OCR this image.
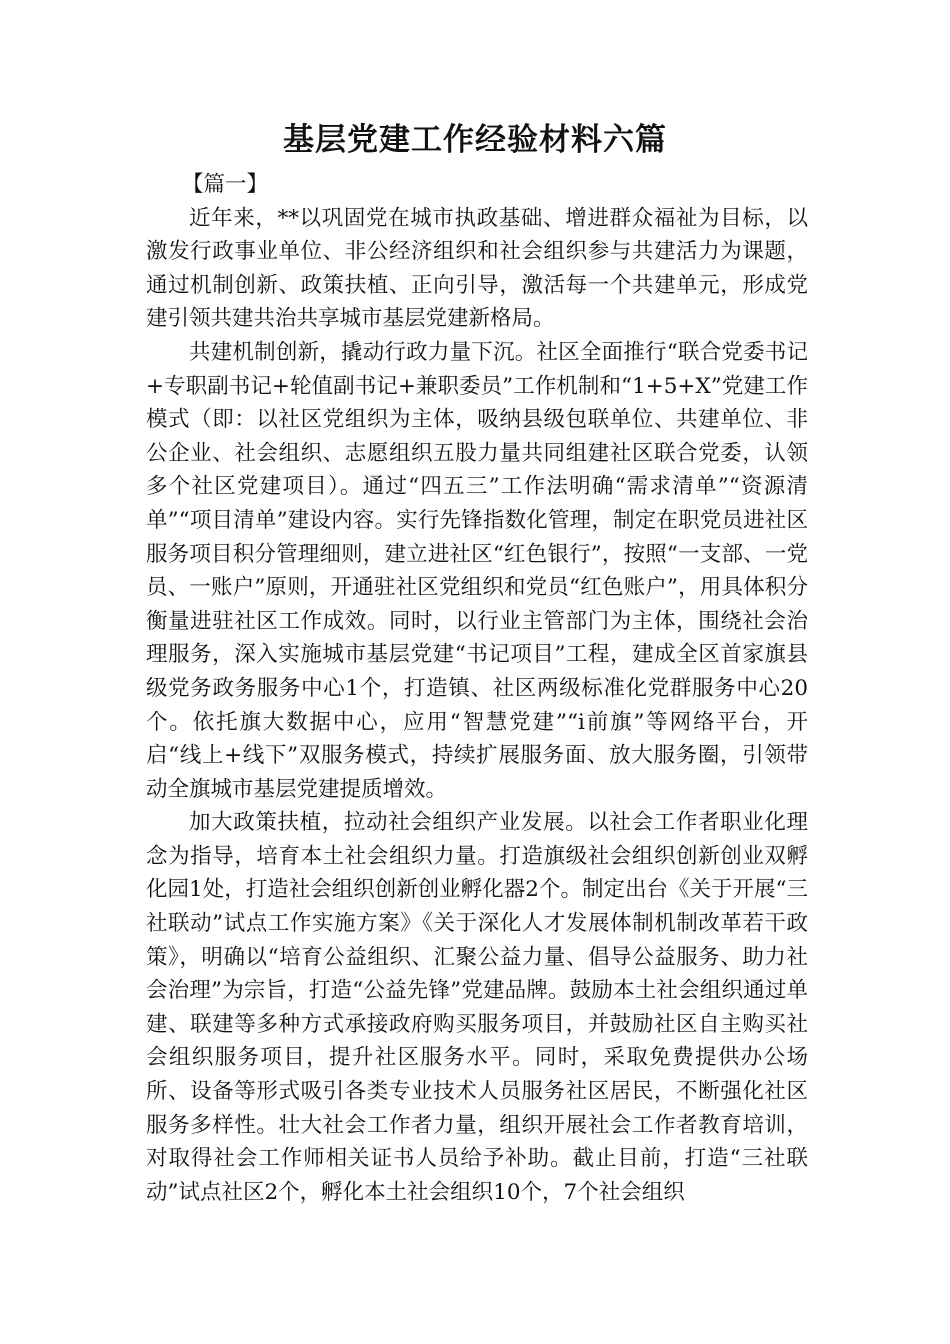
基层党建工作经验材料六篇

【篇一】

近年来，**以巩固党在城市执政基础、增进群众福祉为目标，以激发行政事业单位、非公经济组织和社会组织参与共建活力为课题，通过机制创新、政策扶植、正向引导，激活每一个共建单元，形成党建引领共建共治共享城市基层党建新格局。

共建机制创新，撬动行政力量下沉。社区全面推行“联合党委书记+专职副书记+轮值副书记+兼职委员”工作机制和“1+5+X”党建工作模式（即：以社区党组织为主体，吸纳县级包联单位、共建单位、非公企业、社会组织、志愿组织五股力量共同组建社区联合党委，认领多个社区党建项目）。通过“四五三”工作法明确“需求清单”“资源清单”“项目清单”建设内容。实行先锋指数化管理，制定在职党员进社区服务项目积分管理细则，建立进社区“红色银行”，按照“一支部、一党员、一账户”原则，开通驻社区党组织和党员“红色账户”，用具体积分衡量进驻社区工作成效。同时，以行业主管部门为主体，围绕社会治理服务，深入实施城市基层党建“书记项目”工程，建成全区首家旗县级党务政务服务中心1个，打造镇、社区两级标准化党群服务中心20个。依托旗大数据中心，应用“智慧党建”“i前旗”等网络平台，开启“线上+线下”双服务模式，持续扩展服务面、放大服务圈，引领带动全旗城市基层党建提质增效。

加大政策扶植，拉动社会组织产业发展。以社会工作者职业化理念为指导，培育本土社会组织力量。打造旗级社会组织创新创业双孵化园1处，打造社会组织创新创业孵化器2个。制定出台《关于开展“三社联动”试点工作实施方案》《关于深化人才发展体制机制改革若干政策》，明确以“培育公益组织、汇聚公益力量、倡导公益服务、助力社会治理”为宗旨，打造“公益先锋”党建品牌。鼓励本土社会组织通过单建、联建等多种方式承接政府购买服务项目，并鼓励社区自主购买社会组织服务项目，提升社区服务水平。同时，采取免费提供办公场所、设备等形式吸引各类专业技术人员服务社区居民，不断强化社区服务多样性。壮大社会工作者力量，组织开展社会工作者教育培训，对取得社会工作师相关证书人员给予补助。截止目前，打造“三社联动”试点社区2个，孵化本土社会组织10个，7个社会组织
